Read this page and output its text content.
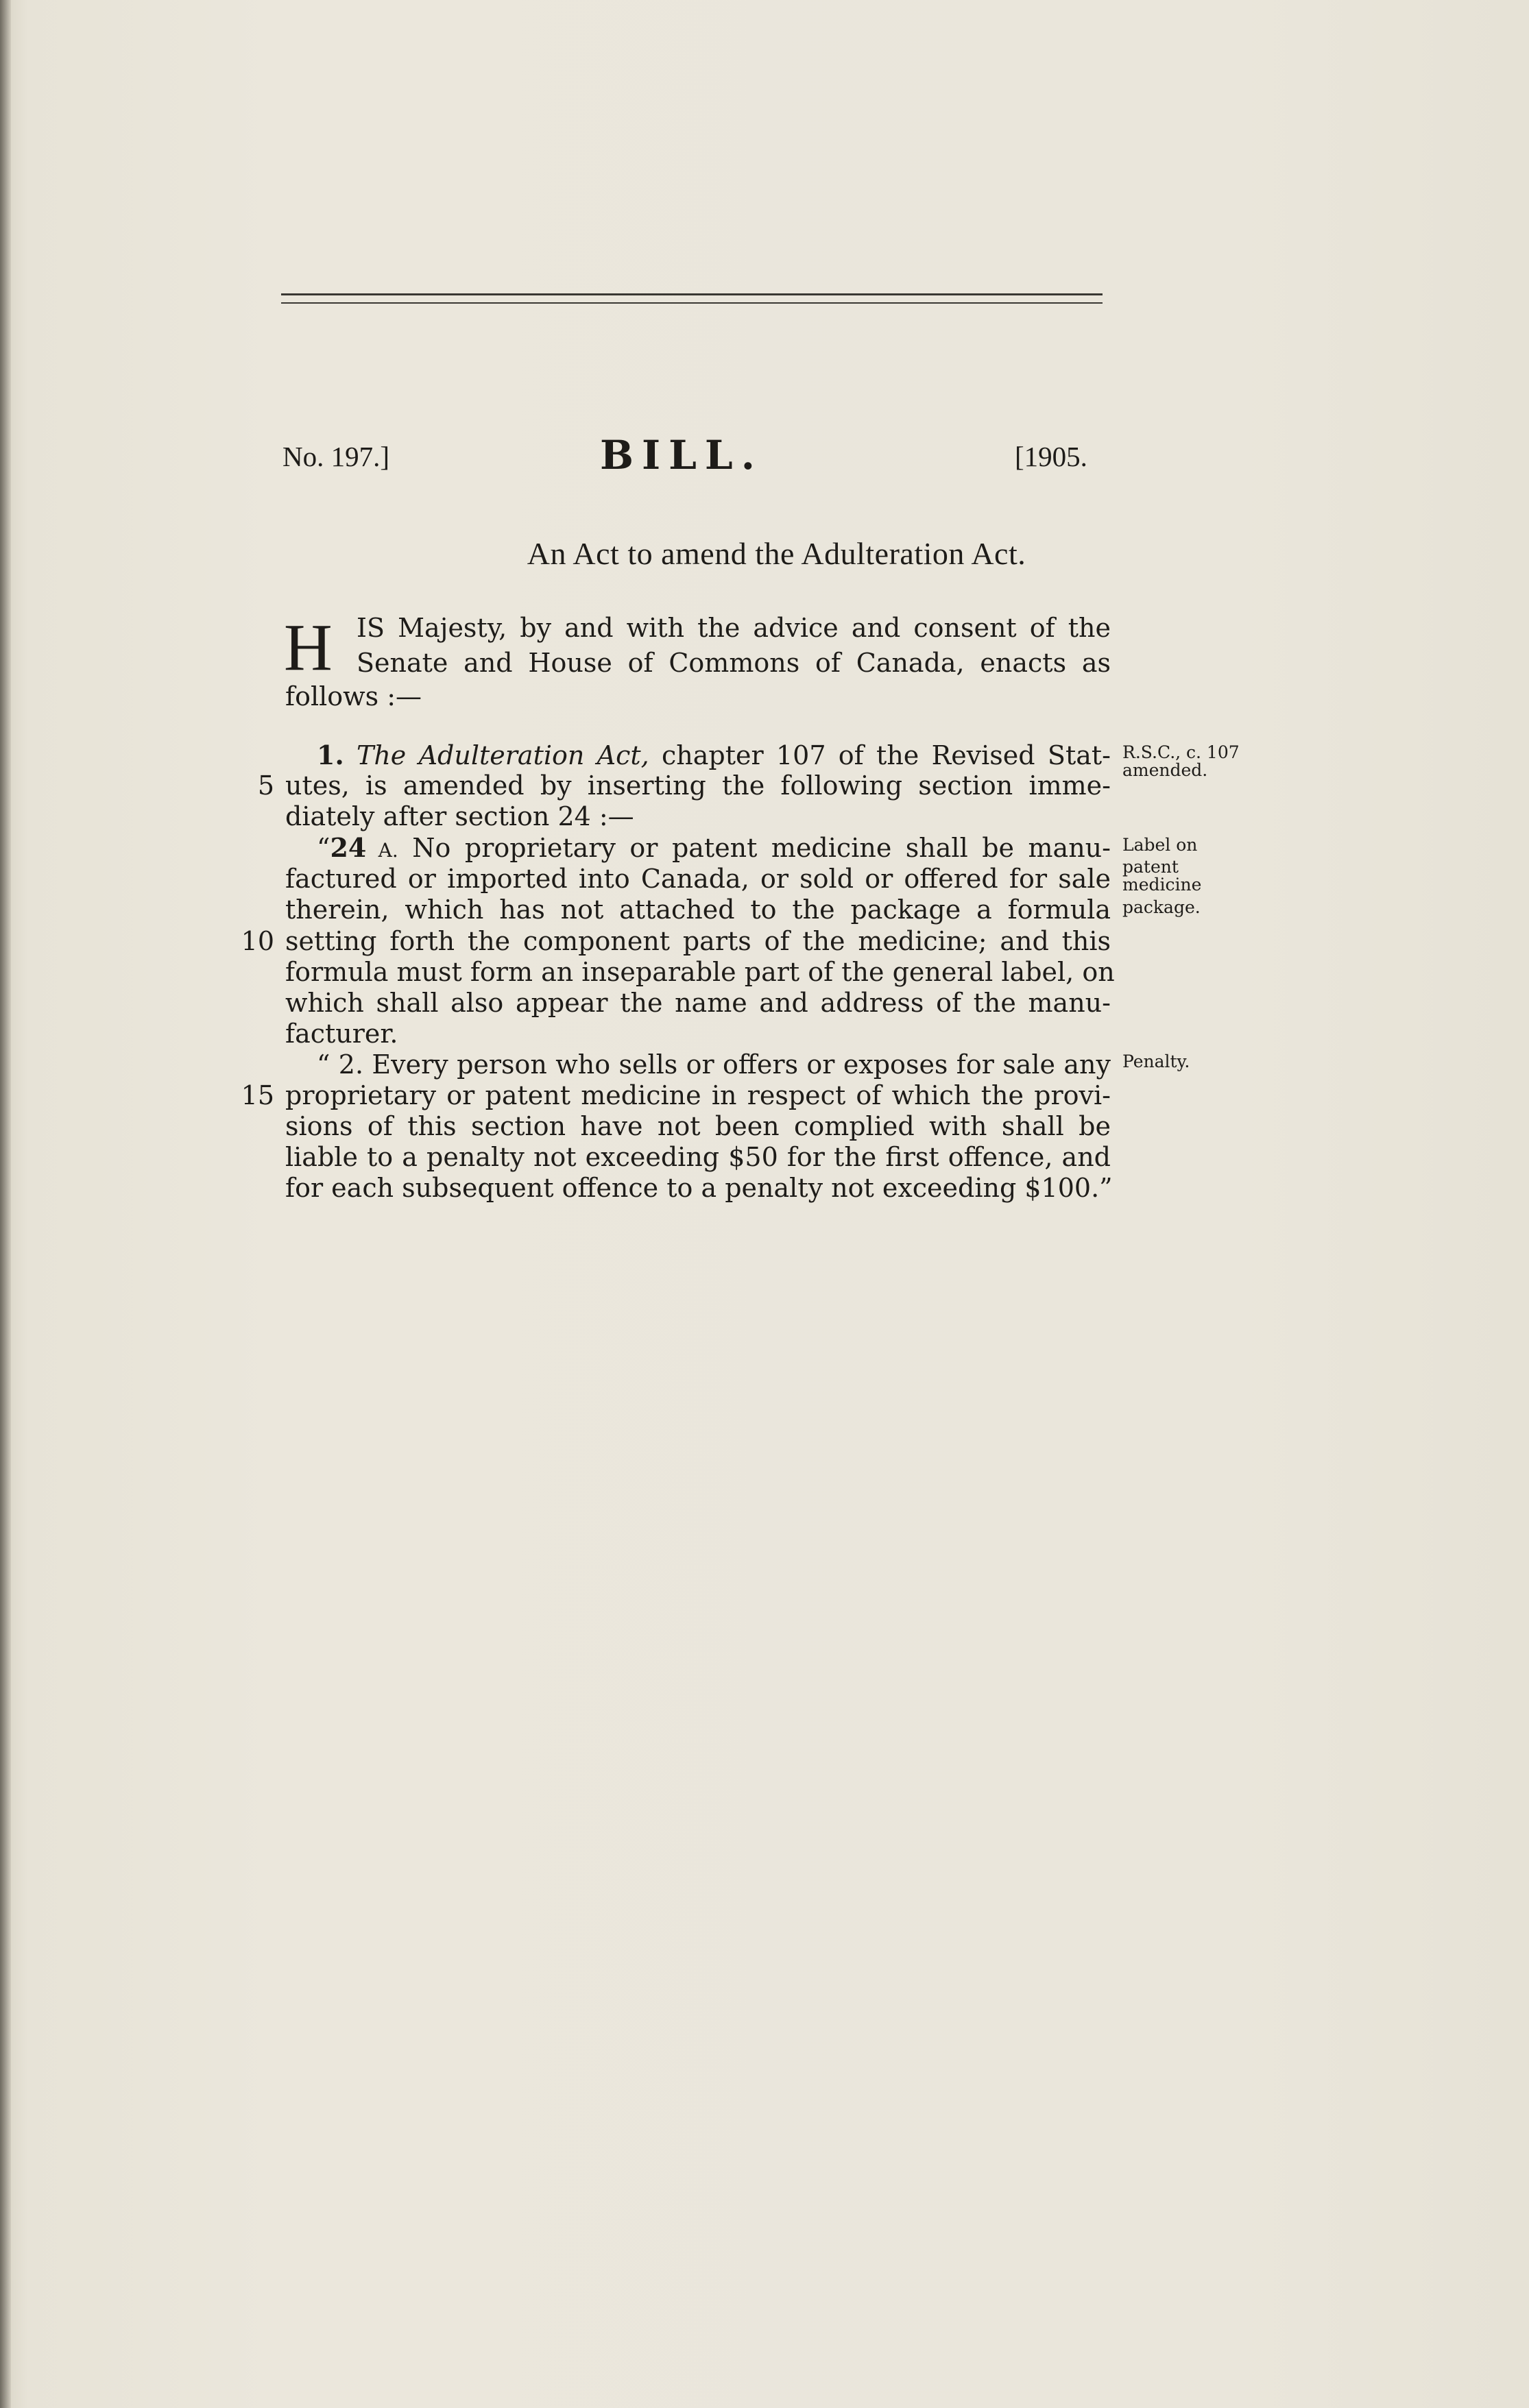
No. 197.]	BILL.	[1905.
An Act to amend the Adulteration Act.
H IS Majesty, by and with the advice and consent of the
Senate and House of Commons of Canada, enacts as
follows :—
1. The Adulteration Act, chapter 107 of the Revised Stat-
5 utes, is amended by inserting the following section imme-
diately after section 24 :—
“24 A. No proprietary or patent medicine shall be manu-
factured or imported into Canada, or sold or offered for sale
therein, which has not attached to the package a formula
10 setting forth the component parts of the medicine; and this
formula must form an inseparable part of the general label, on
which shall also appear the name and address of the manu-
facturer.
“ 2. Every person who sells or offers or exposes for sale any
15 proprietary or patent medicine in respect of which the provi-
sions of this section have not been complied with shall be
liable to a penalty not exceeding $50 for the first offence, and
for each subsequent offence to a penalty not exceeding $100.”
R.S.C., c. 107
amended.
Label on
patent
medicine
package.
Penalty.
